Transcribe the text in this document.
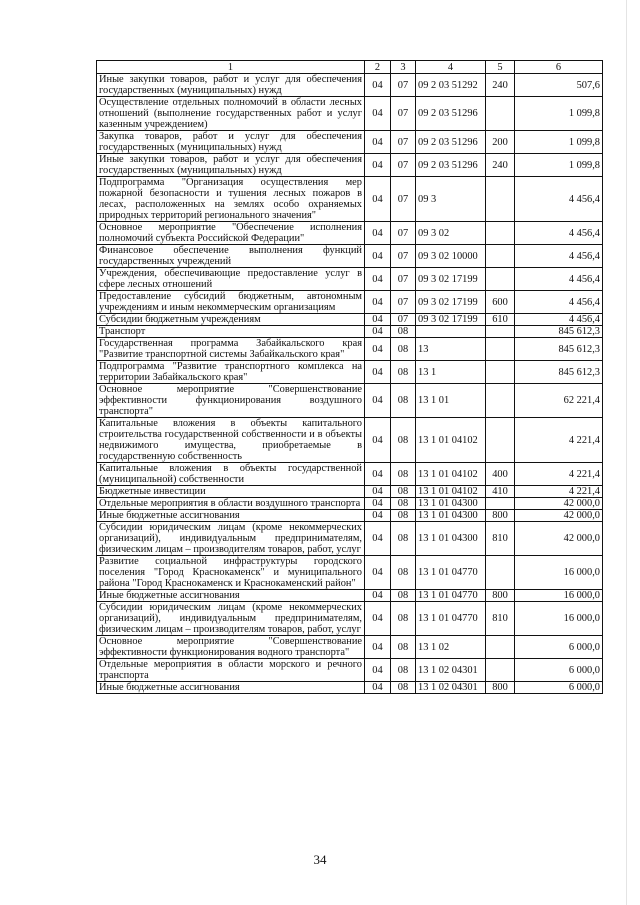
1	2	3	4	5	6
Иные закупки товаров, работ и услуг для обеспечения государственных (муниципальных) нужд	04	07	09 2 03 51292	240	507,6
Осуществление отдельных полномочий в области лесных отношений (выполнение государственных работ и услуг казенным учреждением)	04	07	09 2 03 51296		1 099,8
Закупка товаров, работ и услуг для обеспечения государственных (муниципальных) нужд	04	07	09 2 03 51296	200	1 099,8
Иные закупки товаров, работ и услуг для обеспечения государственных (муниципальных) нужд	04	07	09 2 03 51296	240	1 099,8
Подпрограмма "Организация осуществления мер пожарной безопасности и тушения лесных пожаров в лесах, расположенных на землях особо охраняемых природных территорий регионального значения"	04	07	09 3		4 456,4
Основное мероприятие "Обеспечение исполнения полномочий субъекта Российской Федерации"	04	07	09 3 02		4 456,4
Финансовое обеспечение выполнения функций государственных учреждений	04	07	09 3 02 10000		4 456,4
Учреждения, обеспечивающие предоставление услуг в сфере лесных отношений	04	07	09 3 02 17199		4 456,4
Предоставление субсидий бюджетным, автономным учреждениям и иным некоммерческим организациям	04	07	09 3 02 17199	600	4 456,4
Субсидии бюджетным учреждениям	04	07	09 3 02 17199	610	4 456,4
Транспорт	04	08			845 612,3
Государственная программа Забайкальского края "Развитие транспортной системы Забайкальского края"	04	08	13		845 612,3
Подпрограмма "Развитие транспортного комплекса на территории Забайкальского края"	04	08	13 1		845 612,3
Основное мероприятие "Совершенствование эффективности функционирования воздушного транспорта"	04	08	13 1 01		62 221,4
Капитальные вложения в объекты капитального строительства государственной собственности и в объекты недвижимого имущества, приобретаемые в государственную собственность	04	08	13 1 01 04102		4 221,4
Капитальные вложения в объекты государственной (муниципальной) собственности	04	08	13 1 01 04102	400	4 221,4
Бюджетные инвестиции	04	08	13 1 01 04102	410	4 221,4
Отдельные мероприятия в области воздушного транспорта	04	08	13 1 01 04300		42 000,0
Иные бюджетные ассигнования	04	08	13 1 01 04300	800	42 000,0
Субсидии юридическим лицам (кроме некоммерческих организаций), индивидуальным предпринимателям, физическим лицам – производителям товаров, работ, услуг	04	08	13 1 01 04300	810	42 000,0
Развитие социальной инфраструктуры городского поселения "Город Краснокаменск" и муниципального района "Город Краснокаменск и Краснокаменский район"	04	08	13 1 01 04770		16 000,0
Иные бюджетные ассигнования	04	08	13 1 01 04770	800	16 000,0
Субсидии юридическим лицам (кроме некоммерческих организаций), индивидуальным предпринимателям, физическим лицам – производителям товаров, работ, услуг	04	08	13 1 01 04770	810	16 000,0
Основное мероприятие "Совершенствование эффективности функционирования водного транспорта"	04	08	13 1 02		6 000,0
Отдельные мероприятия в области морского и речного транспорта	04	08	13 1 02 04301		6 000,0
Иные бюджетные ассигнования	04	08	13 1 02 04301	800	6 000,0
34
